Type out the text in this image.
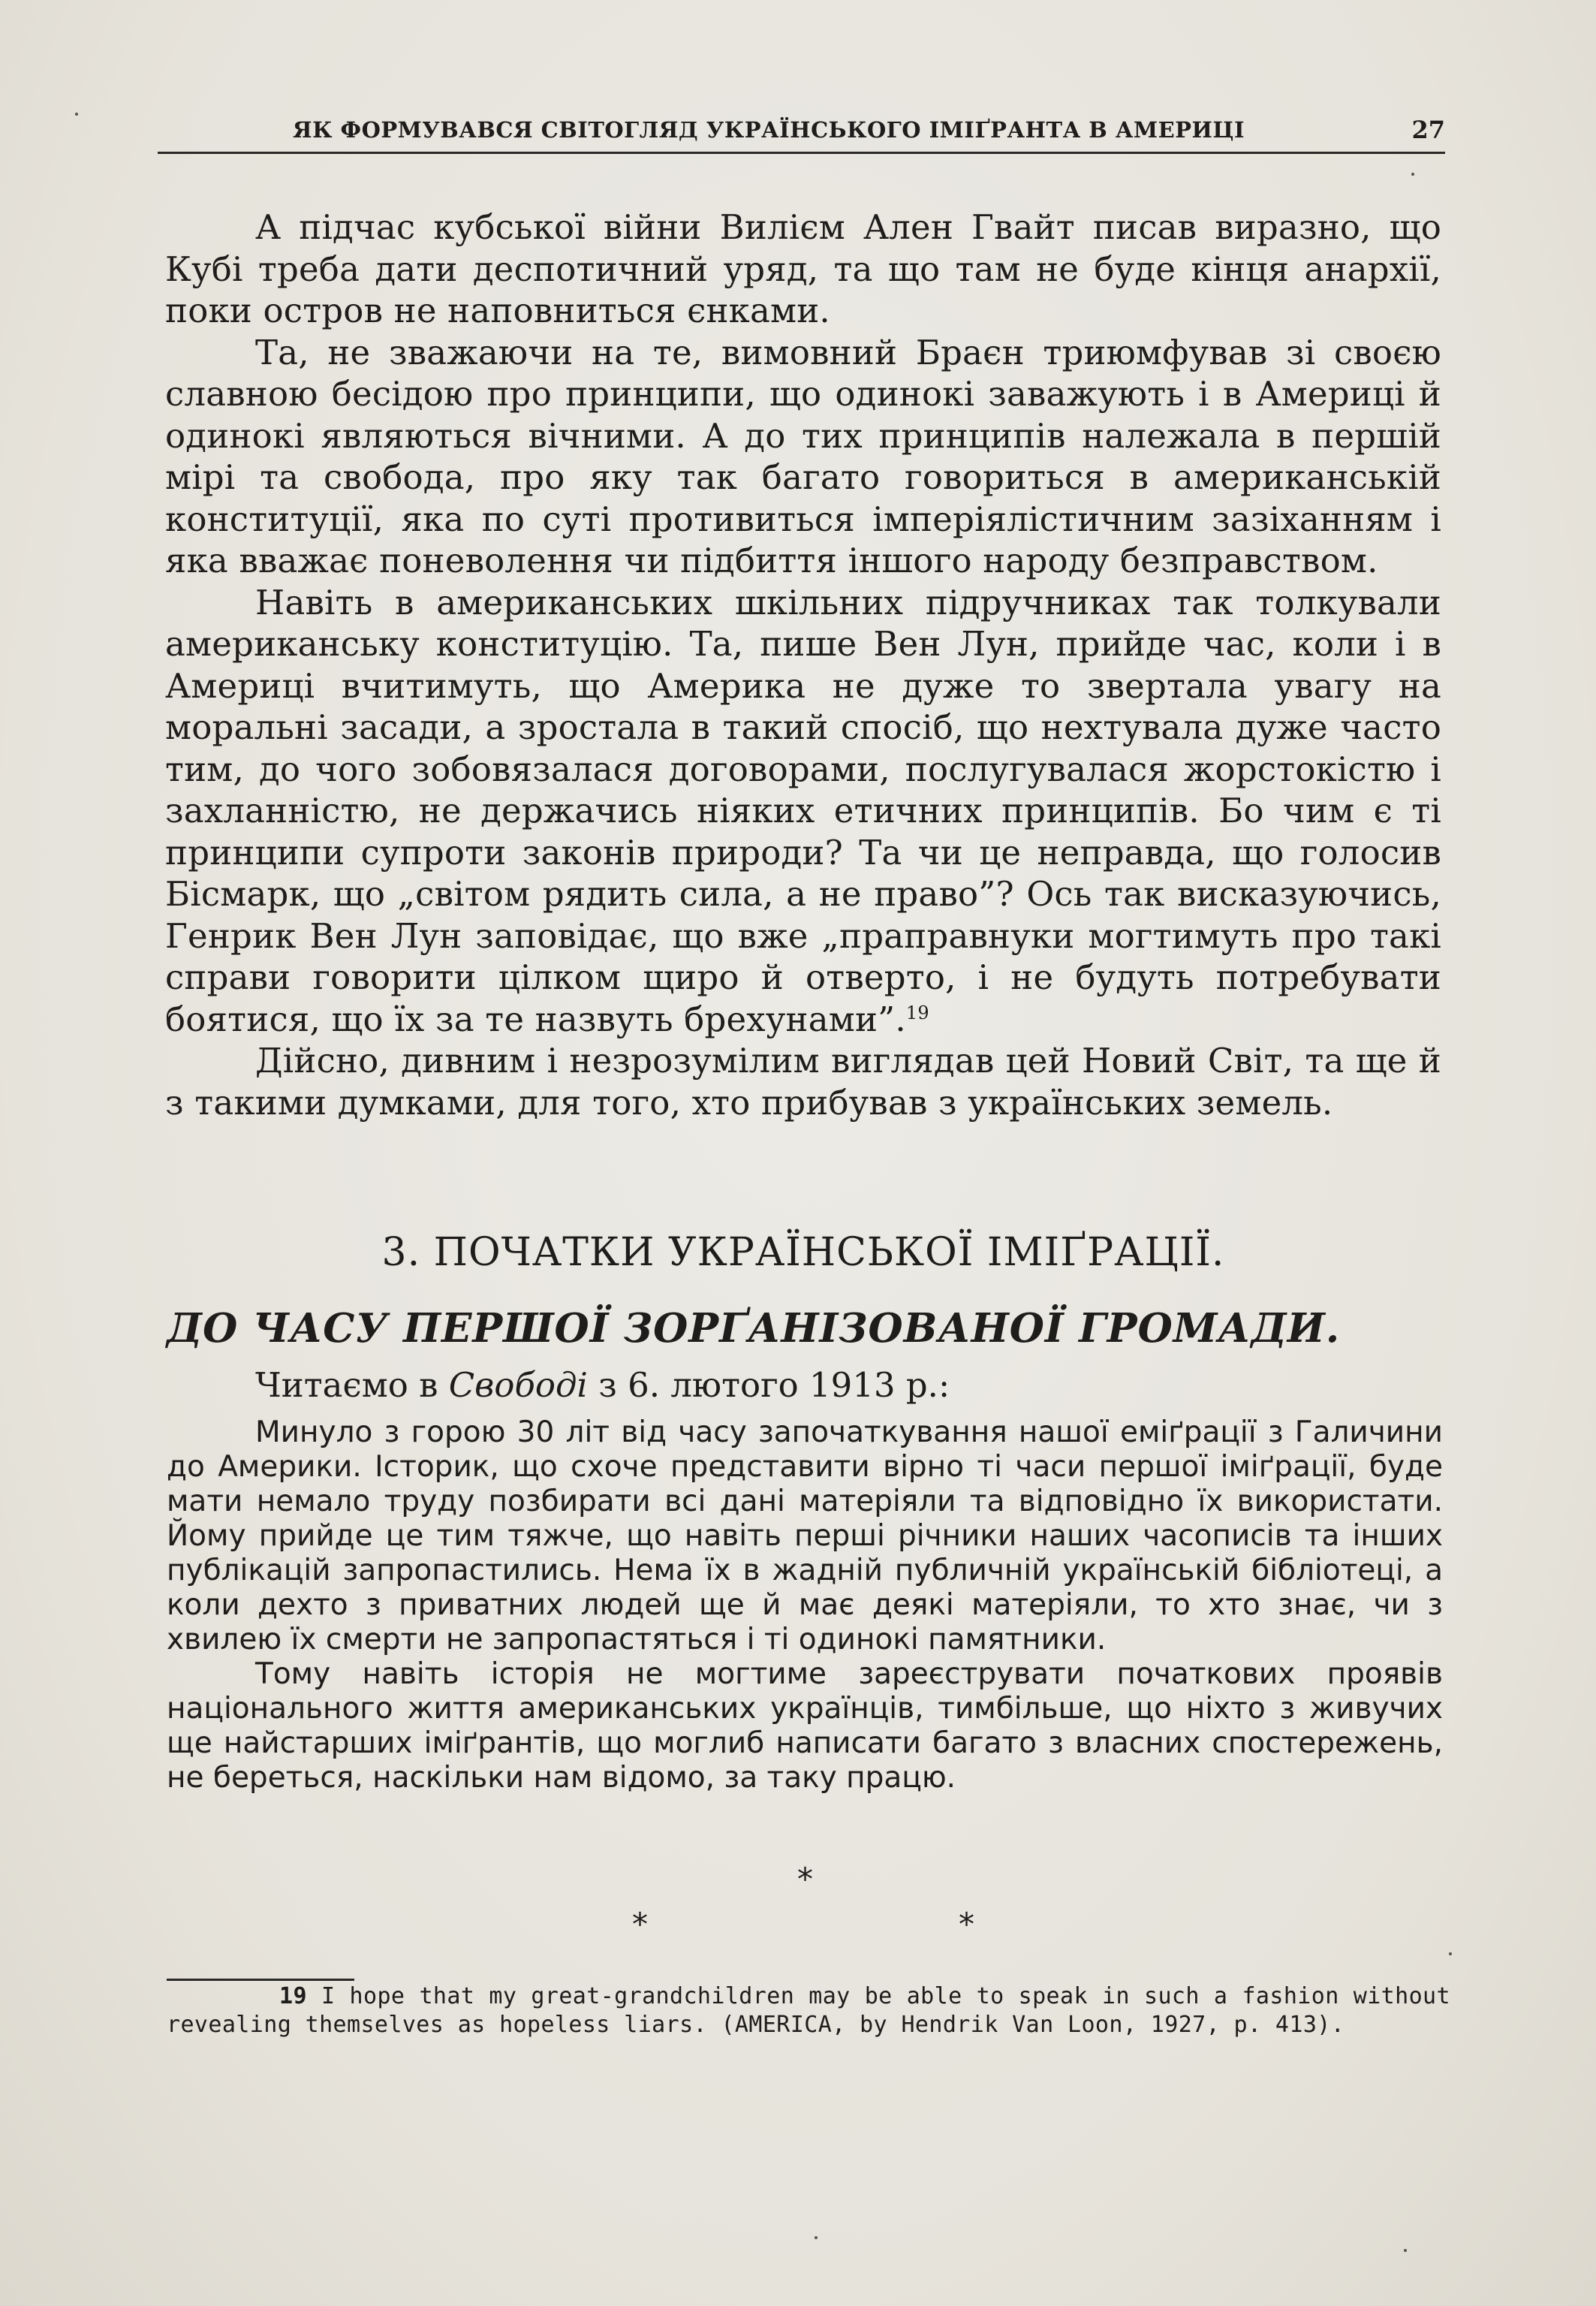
ЯК ФОРМУВАВСЯ СВІТОГЛЯД УКРАЇНСЬКОГО ІМІҐРАНТА В АМЕРИЦІ	27

А підчас кубської війни Вилієм Ален Гвайт писав виразно, що Кубі треба дати деспотичний уряд, та що там не буде кінця анархії, поки остров не наповниться єнками.

Та, не зважаючи на те, вимовний Браєн триюмфував зі своєю славною бесідою про принципи, що одинокі заважують і в Америці й одинокі являються вічними. А до тих принципів належала в першій мірі та свобода, про яку так багато говориться в американській конституції, яка по суті противиться імперіялістичним зазіханням і яка вважає поневолення чи підбиття іншого народу безправством.

Навіть в американських шкільних підручниках так толкували американську конституцію. Та, пише Вен Лун, прийде час, коли і в Америці вчитимуть, що Америка не дуже то звертала увагу на моральні засади, а зростала в такий спосіб, що нехтувала дуже часто тим, до чого зобовязалася договорами, послугувалася жорстокістю і захланністю, не держачись ніяких етичних принципів. Бо чим є ті принципи супроти законів природи? Та чи це неправда, що голосив Бісмарк, що „світом рядить сила, а не право”? Ось так висказуючись, Генрик Вен Лун заповідає, що вже „праправнуки могтимуть про такі справи говорити цілком щиро й отверто, і не будуть потребувати боятися, що їх за те назвуть брехунами”.$^{19}$

Дійсно, дивним і незрозумілим виглядав цей Новий Світ, та ще й з такими думками, для того, хто прибував з українських земель.

3. ПОЧАТКИ УКРАЇНСЬКОЇ ІМІҐРАЦІЇ.
ДО ЧАСУ ПЕРШОЇ ЗОРҐАНІЗОВАНОЇ ГРОМАДИ.
Читаємо в Свободі з 6. лютого 1913 р.:

Минуло з горою 30 літ від часу започаткування нашої еміґрації з Галичини до Америки. Історик, що схоче представити вірно ті часи першої іміґрації, буде мати немало труду позбирати всі дані матеріяли та відповідно їх використати. Йому прийде це тим тяжче, що навіть перші річники наших часописів та інших публікацій запропастились. Нема їх в жадній публичній українській бібліотеці, а коли дехто з приватних людей ще й має деякі матеріяли, то хто знає, чи з хвилею їх смерти не запропастяться і ті одинокі памятники.

Тому навіть історія не могтиме зареєструвати початкових проявів національного життя американських українців, тимбільше, що ніхто з живучих ще найстарших іміґрантів, що моглиб написати багато з власних спостережень, не береться, наскільки нам відомо, за таку працю.

*
*	*

19 I hope that my great-grandchildren may be able to speak in such a fashion without revealing themselves as hopeless liars. (AMERICA, by Hendrik Van Loon, 1927, p. 413).
